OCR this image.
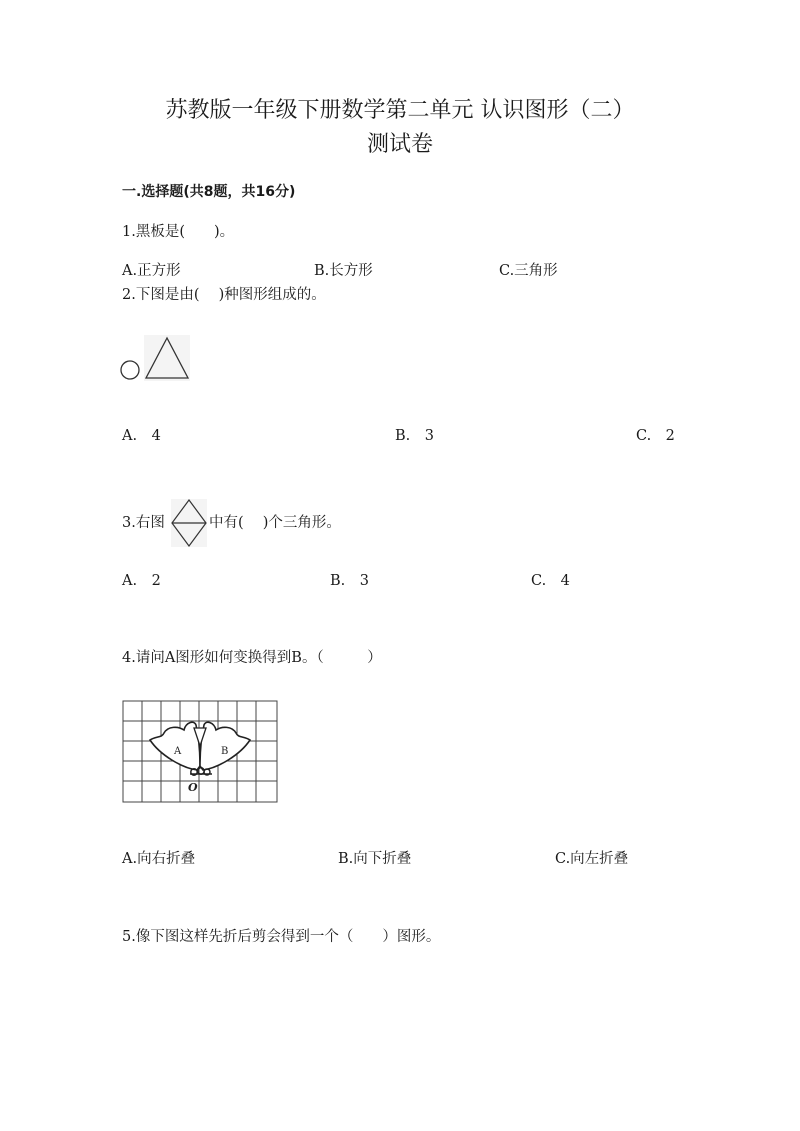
苏教版一年级下册数学第二单元 认识图形（二）
测试卷
一.选择题(共8题，共16分)
1.黑板是(　　)。
A.正方形	B.长方形	C.三角形
2.下图是由(　 )种图形组成的。
A.　4	B.　3	C.　2
3.右图	中有(　 )个三角形。
A.　2	B.　3	C.　4
4.请问A图形如何变换得到B。（　　　）
A	B
O
A.向右折叠	B.向下折叠	C.向左折叠
5.像下图这样先折后剪会得到一个（　　）图形。
